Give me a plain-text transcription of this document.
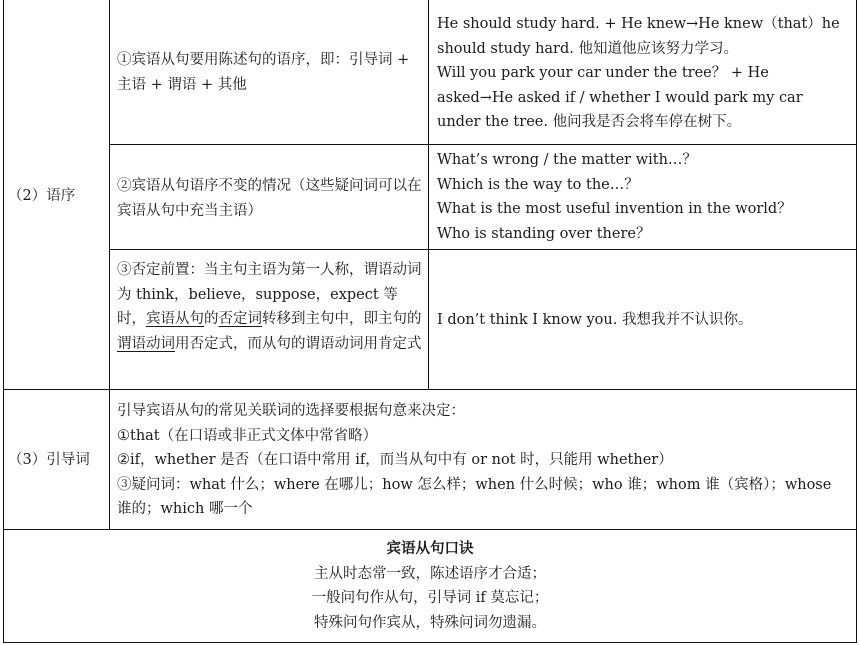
（2）语序
①宾语从句要用陈述句的语序，即：引导词 + 主语 + 谓语 + 其他

He should study hard. + He knew→He knew（that）he should study hard. 他知道他应该努力学习。

Will you park your car under the tree？ + He asked→He asked if / whether I would park my car under the tree. 他问我是否会将车停在树下。

②宾语从句语序不变的情况（这些疑问词可以在宾语从句中充当主语）

What’s wrong / the matter with…？

Which is the way to the…？

What is the most useful invention in the world？

Who is standing over there？

③否定前置：当主句主语为第一人称，谓语动词为 think，believe，suppose，expect 等时，宾语从句的否定词转移到主句中，即主句的谓语动词用否定式，而从句的谓语动词用肯定式
I don’t think I know you. 我想我并不认识你。
（3）引导词

引导宾语从句的常见关联词的选择要根据句意来决定：

①that（在口语或非正式文体中常省略）

②if，whether 是否（在口语中常用 if，而当从句中有 or not 时，只能用 whether）

③疑问词：what 什么；where 在哪儿；how 怎么样；when 什么时候；who 谁；whom 谁（宾格）；whose 谁的；which 哪一个

宾语从句口诀

主从时态常一致，陈述语序才合适；

一般问句作从句，引导词 if 莫忘记；

特殊问句作宾从，特殊问词勿遗漏。
